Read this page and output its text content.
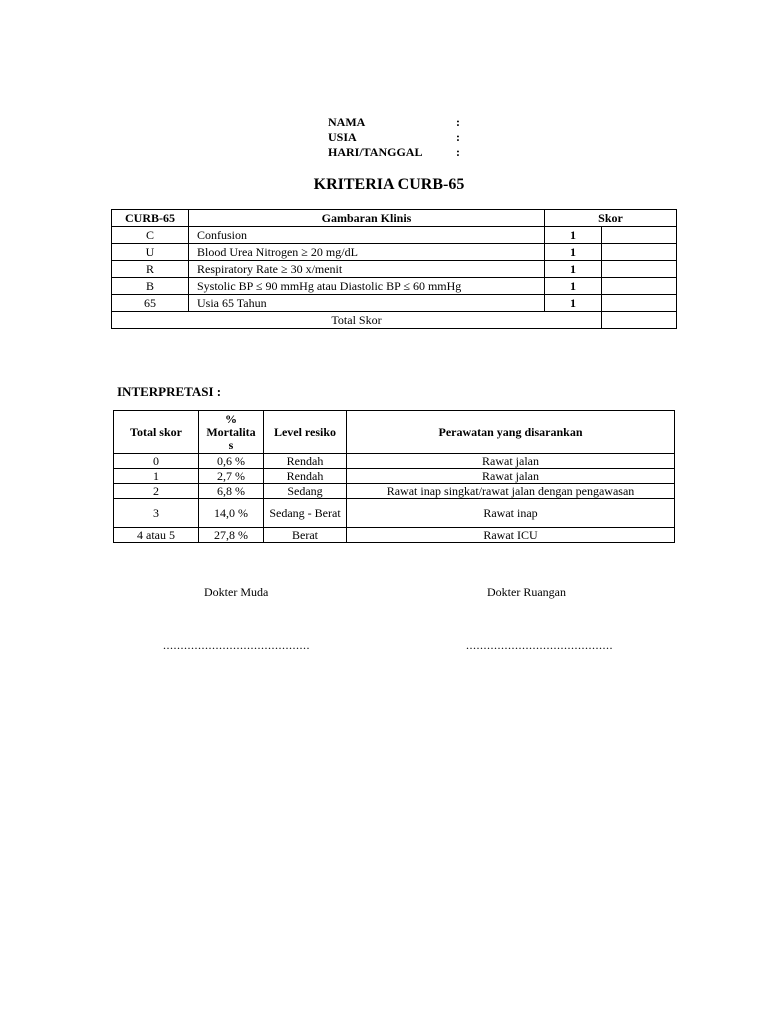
NAMA	:
USIA	:
HARI/TANGGAL	:
KRITERIA CURB-65
CURB-65	Gambaran Klinis	Skor	
C	Confusion	1	
U	Blood Urea Nitrogen ≥ 20 mg/dL	1	
R	Respiratory Rate ≥ 30 x/menit	1	
B	Systolic BP ≤ 90 mmHg atau Diastolic BP ≤ 60 mmHg	1	
65	Usia 65 Tahun	1	
Total Skor			
INTERPRETASI :
Total skor	% Mortalita s	Level resiko	Perawatan yang disarankan
0	0,6 %	Rendah	Rawat jalan
1	2,7 %	Rendah	Rawat jalan
2	6,8 %	Sedang	Rawat inap singkat/rawat jalan dengan pengawasan
3	14,0 %	Sedang - Berat	Rawat inap
4 atau 5	27,8 %	Berat	Rawat ICU
Dokter Muda	Dokter Ruangan
..........................................	..........................................
